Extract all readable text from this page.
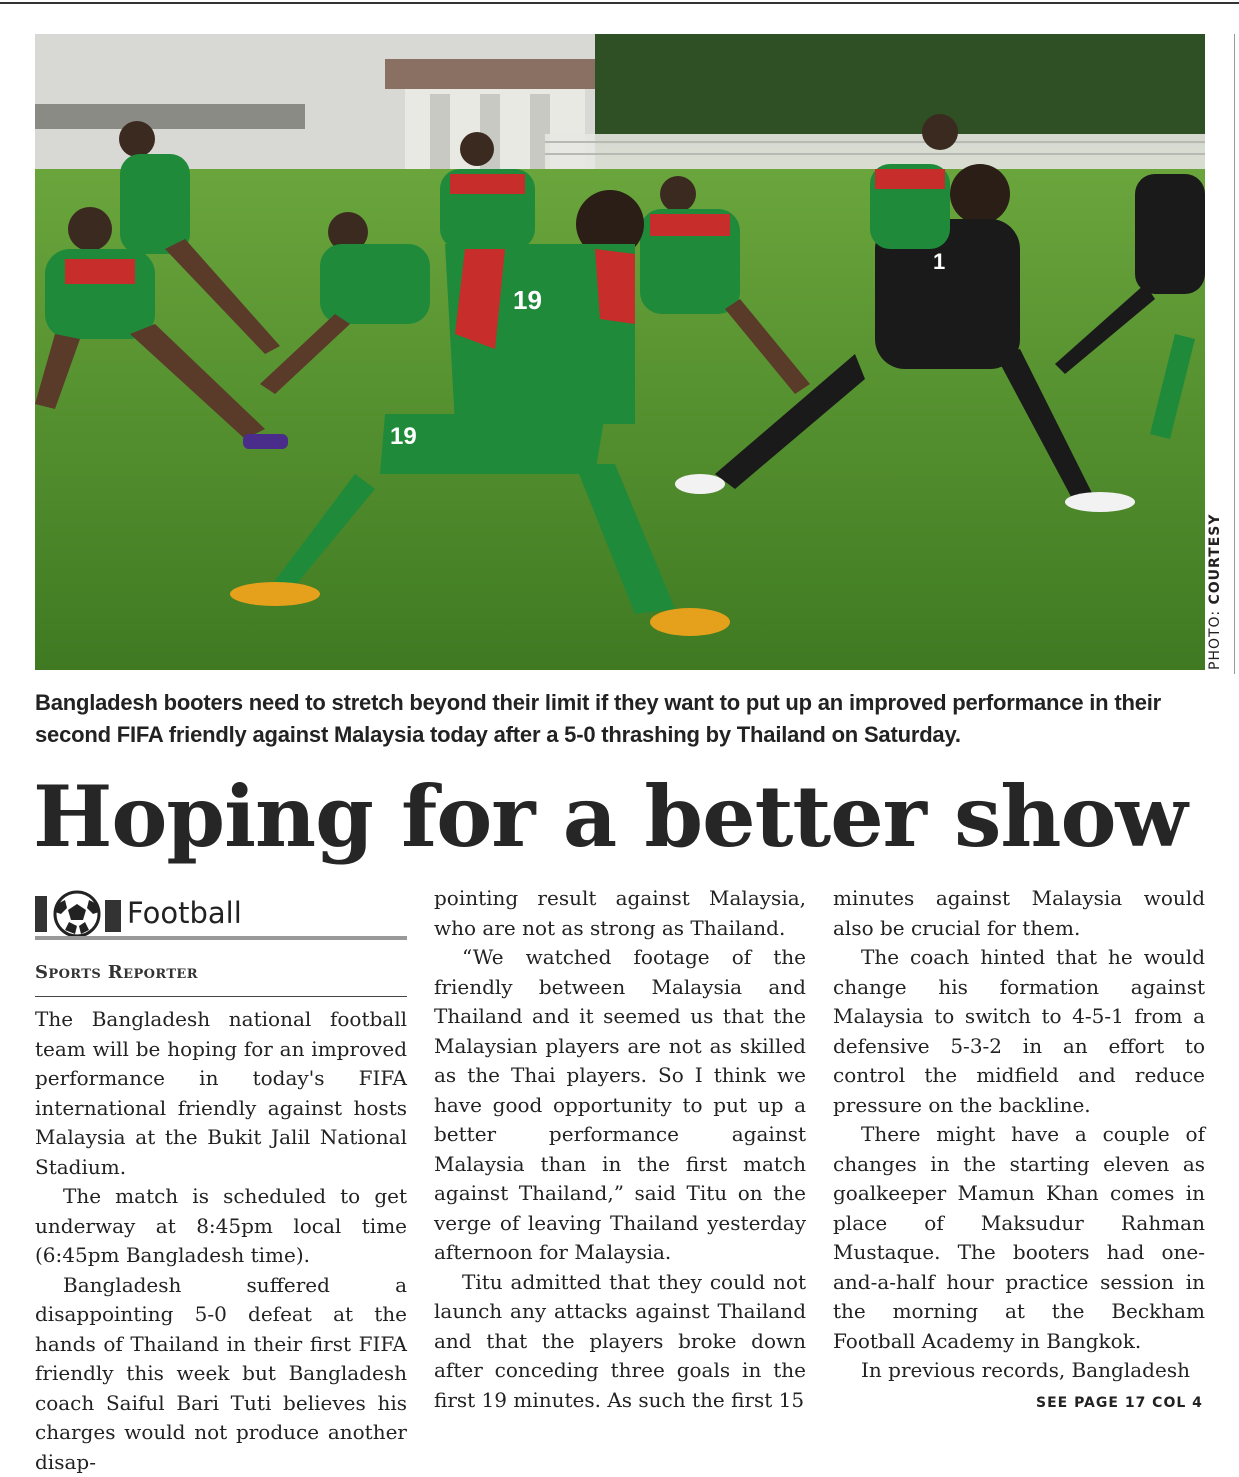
19
19
1
PHOTO: COURTESY
Bangladesh booters need to stretch beyond their limit if they want to put up an improved performance in their second FIFA friendly against Malaysia today after a 5-0 thrashing by Thailand on Saturday.
Hoping for a better show
Football
Sports Reporter

The Bangladesh national football team will be hoping for an improved performance in today's FIFA international friendly against hosts Malaysia at the Bukit Jalil National Stadium.

The match is scheduled to get underway at 8:45pm local time (6:45pm Bangladesh time).

Bangladesh suffered a disappointing 5-0 defeat at the hands of Thailand in their first FIFA friendly this week but Bangladesh coach Saiful Bari Tuti believes his charges would not produce another disap-

pointing result against Malaysia, who are not as strong as Thailand.

“We watched footage of the friendly between Malaysia and Thailand and it seemed us that the Malaysian players are not as skilled as the Thai players. So I think we have good opportunity to put up a better performance against Malaysia than in the first match against Thailand,” said Titu on the verge of leaving Thailand yesterday afternoon for Malaysia.

Titu admitted that they could not launch any attacks against Thailand and that the players broke down after conceding three goals in the first 19 minutes. As such the first 15

minutes against Malaysia would also be crucial for them.

The coach hinted that he would change his formation against Malaysia to switch to 4-5-1 from a defensive 5-3-2 in an effort to control the midfield and reduce pressure on the backline.

There might have a couple of changes in the starting eleven as goalkeeper Mamun Khan comes in place of Maksudur Rahman Mustaque. The booters had one-and-a-half hour practice session in the morning at the Beckham Football Academy in Bangkok.

In previous records, Bangladesh

SEE PAGE 17 COL 4
